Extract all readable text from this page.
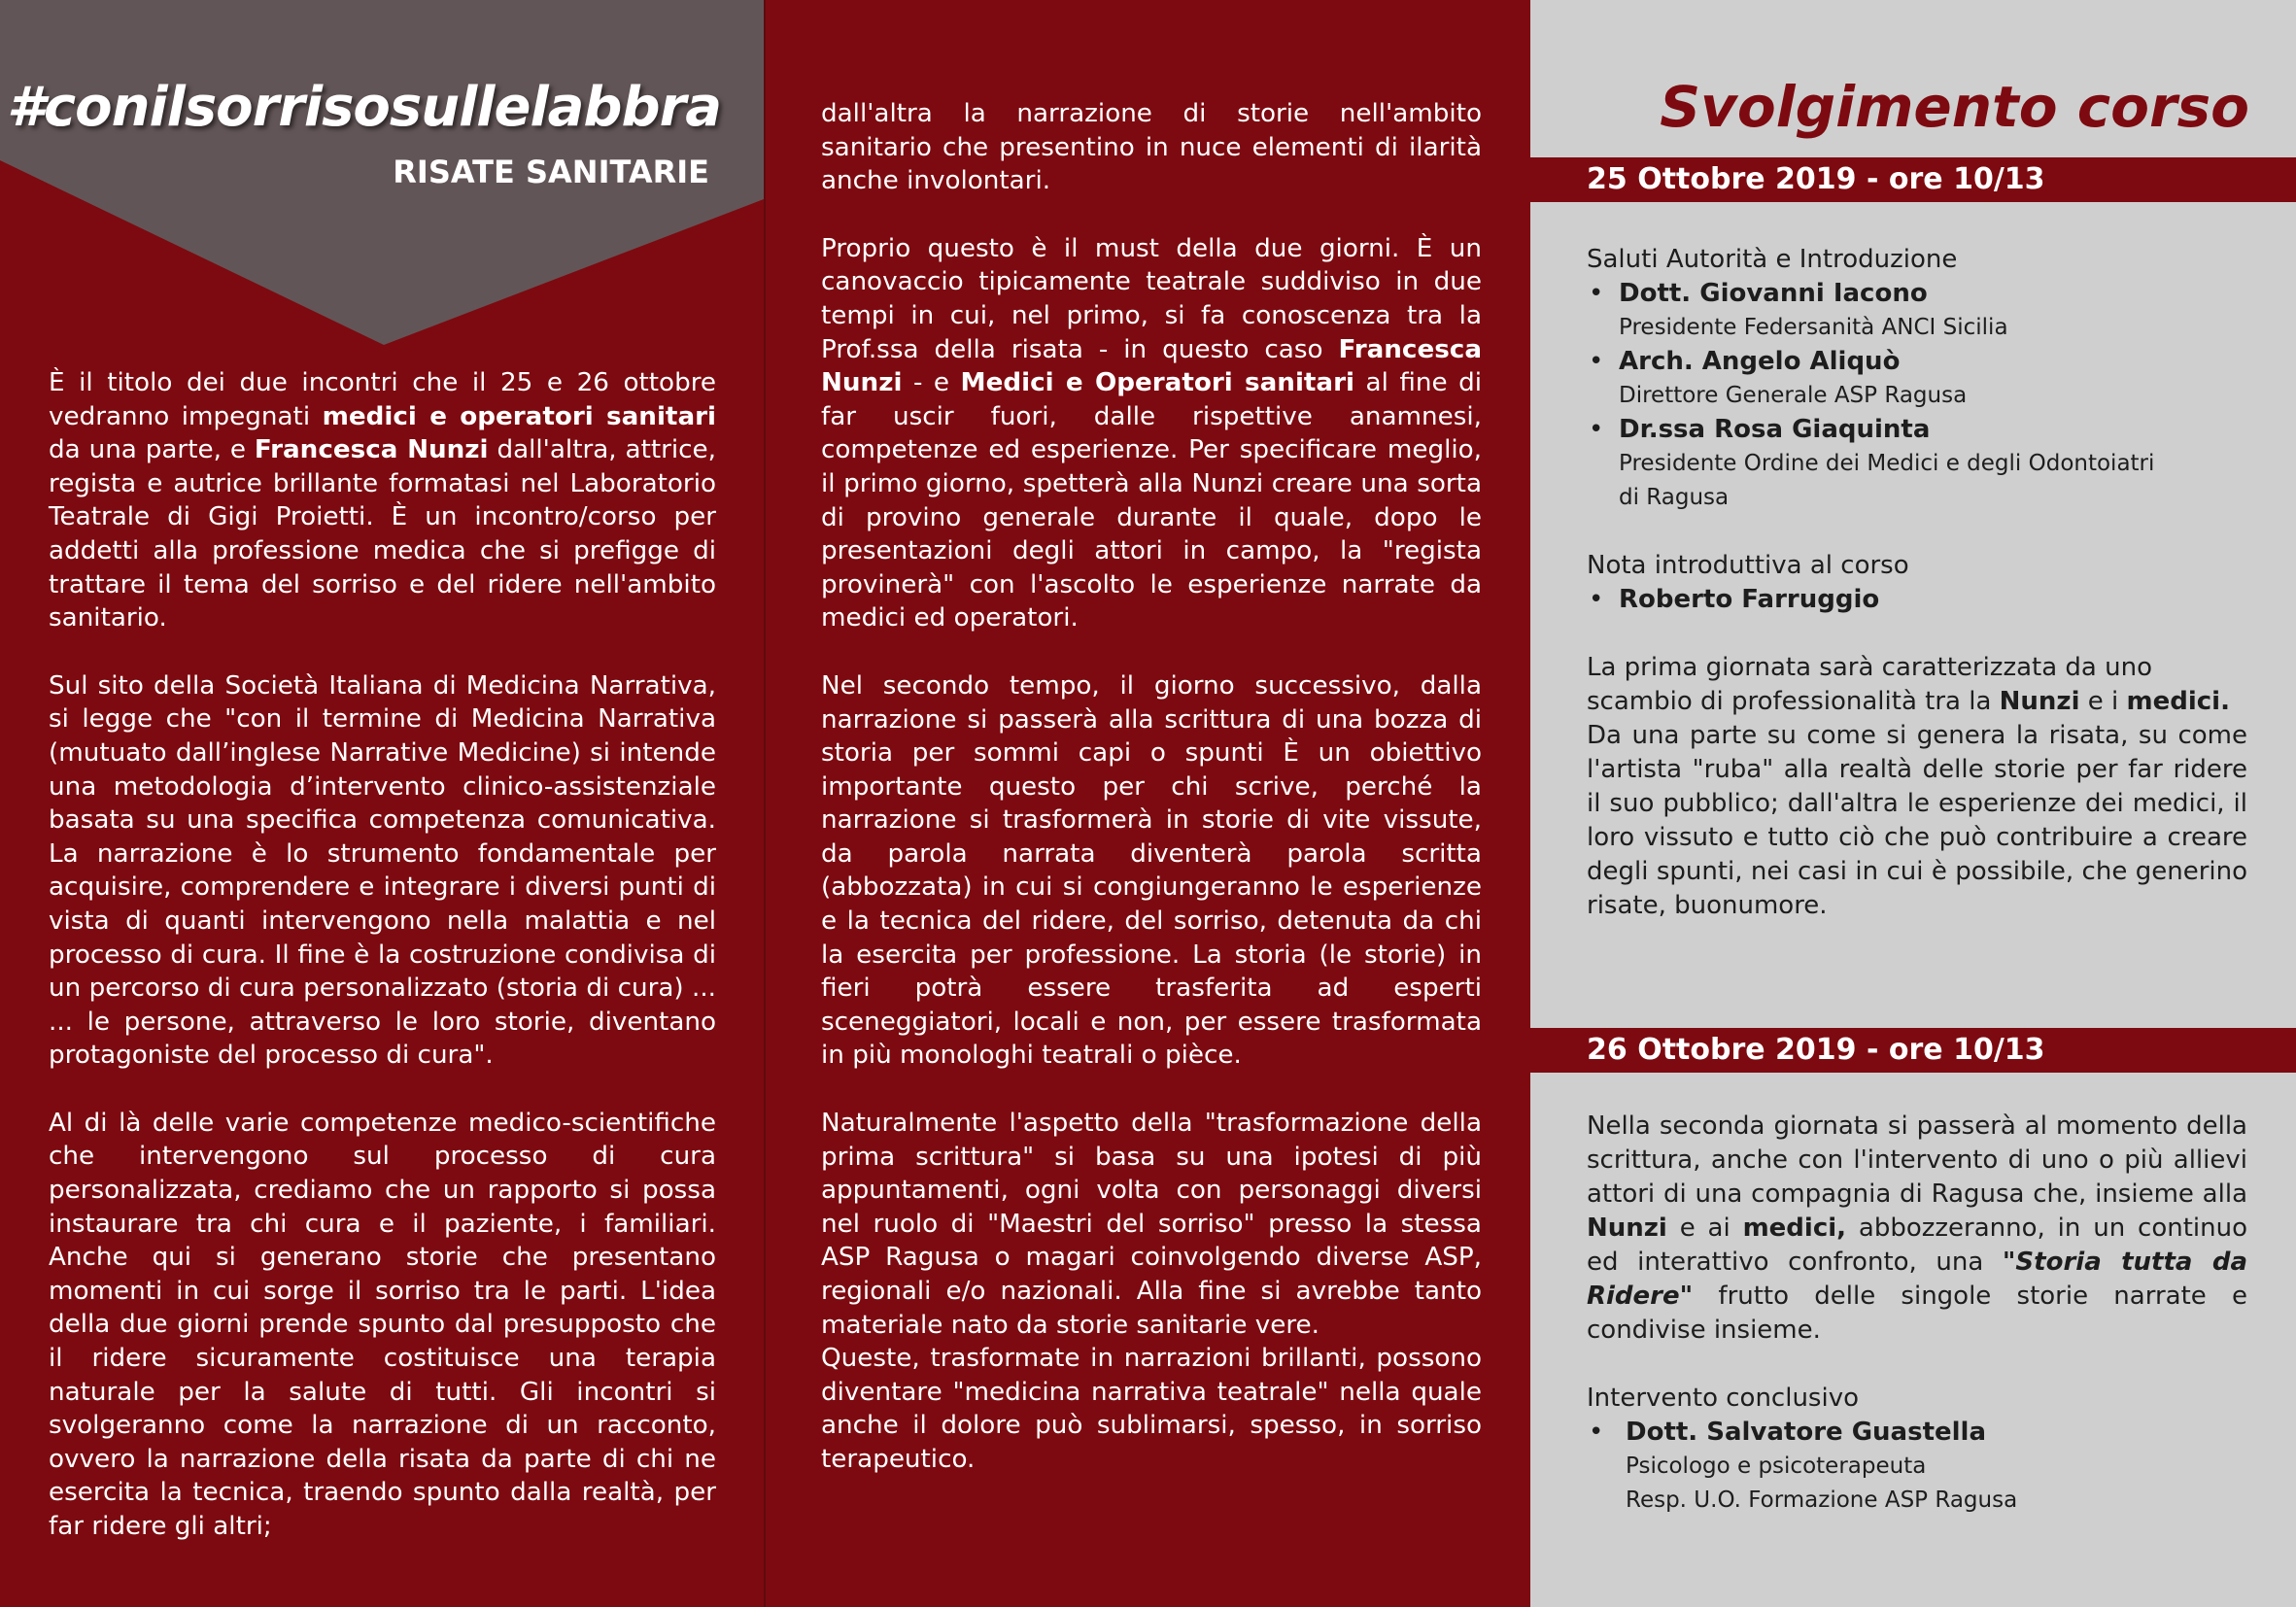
#conilsorrisosullelabbra
RISATE SANITARIE

È il titolo dei due incontri che il 25 e 26 ottobre vedranno impegnati medici e operatori sanitari da una parte, e Francesca Nunzi dall'altra, attrice, regista e autrice brillante formatasi nel Laboratorio Teatrale di Gigi Proietti. È un incontro/corso per addetti alla professione medica che si prefigge di trattare il tema del sorriso e del ridere nell'ambito sanitario.

Sul sito della Società Italiana di Medicina Narrativa, si legge che "con il termine di Medicina Narrativa (mutuato dall’inglese Narrative Medicine) si intende una metodologia d’intervento clinico-assistenziale basata su una specifica competenza comunicativa. La narrazione è lo strumento fondamentale per acquisire, comprendere e integrare i diversi punti di vista di quanti intervengono nella malattia e nel processo di cura. Il fine è la costruzione condivisa di un percorso di cura personalizzato (storia di cura) ... ... le persone, attraverso le loro storie, diventano protagoniste del processo di cura".

Al di là delle varie competenze medico-scientifiche che intervengono sul processo di cura personalizzata, crediamo che un rapporto si possa instaurare tra chi cura e il paziente, i familiari. Anche qui si generano storie che presentano momenti in cui sorge il sorriso tra le parti. L'idea della due giorni prende spunto dal presupposto che il ridere sicuramente costituisce una terapia naturale per la salute di tutti. Gli incontri si svolgeranno come la narrazione di un racconto, ovvero la narrazione della risata da parte di chi ne esercita la tecnica, traendo spunto dalla realtà, per far ridere gli altri;

dall'altra la narrazione di storie nell'ambito sanitario che presentino in nuce elementi di ilarità anche involontari.

Proprio questo è il must della due giorni. È un canovaccio tipicamente teatrale suddiviso in due tempi in cui, nel primo, si fa conoscenza tra la Prof.ssa della risata - in questo caso Francesca Nunzi - e Medici e Operatori sanitari al fine di far uscir fuori, dalle rispettive anamnesi, competenze ed esperienze. Per specificare meglio, il primo giorno, spetterà alla Nunzi creare una sorta di provino generale durante il quale, dopo le presentazioni degli attori in campo, la "regista provinerà" con l'ascolto le esperienze narrate da medici ed operatori.

Nel secondo tempo, il giorno successivo, dalla narrazione si passerà alla scrittura di una bozza di storia per sommi capi o spunti È un obiettivo importante questo per chi scrive, perché la narrazione si trasformerà in storie di vite vissute, da parola narrata diventerà parola scritta (abbozzata) in cui si congiungeranno le esperienze e la tecnica del ridere, del sorriso, detenuta da chi la esercita per professione. La storia (le storie) in fieri potrà essere trasferita ad esperti sceneggiatori, locali e non, per essere trasformata in più monologhi teatrali o pièce.

Naturalmente l'aspetto della "trasformazione della prima scrittura" si basa su una ipotesi di più appuntamenti, ogni volta con personaggi diversi nel ruolo di "Maestri del sorriso" presso la stessa ASP Ragusa o magari coinvolgendo diverse ASP, regionali e/o nazionali. Alla fine si avrebbe tanto materiale nato da storie sanitarie vere.

Queste, trasformate in narrazioni brillanti, possono diventare "medicina narrativa teatrale" nella quale anche il dolore può sublimarsi, spesso, in sorriso terapeutico.

Svolgimento corso
25 Ottobre 2019 - ore 10/13

Saluti Autorità e Introduzione

• Dott. Giovanni Iacono
Presidente Federsanità ANCI Sicilia
• Arch. Angelo Aliquò
Direttore Generale ASP Ragusa
• Dr.ssa Rosa Giaquinta
Presidente Ordine dei Medici e degli Odontoiatri
di Ragusa

Nota introduttiva al corso

• Roberto Farruggio

La prima giornata sarà caratterizzata da uno scambio di professionalità tra la Nunzi e i medici.

Da una parte su come si genera la risata, su come l'artista "ruba" alla realtà delle storie per far ridere il suo pubblico; dall'altra le esperienze dei medici, il loro vissuto e tutto ciò che può contribuire a creare degli spunti, nei casi in cui è possibile, che generino risate, buonumore.

26 Ottobre 2019 - ore 10/13

Nella seconda giornata si passerà al momento della scrittura, anche con l'intervento di uno o più allievi attori di una compagnia di Ragusa che, insieme alla Nunzi e ai medici, abbozzeranno, in un continuo ed interattivo confronto, una "Storia tutta da Ridere" frutto delle singole storie narrate e condivise insieme.

Intervento conclusivo

• Dott. Salvatore Guastella
Psicologo e psicoterapeuta
Resp. U.O. Formazione ASP Ragusa
